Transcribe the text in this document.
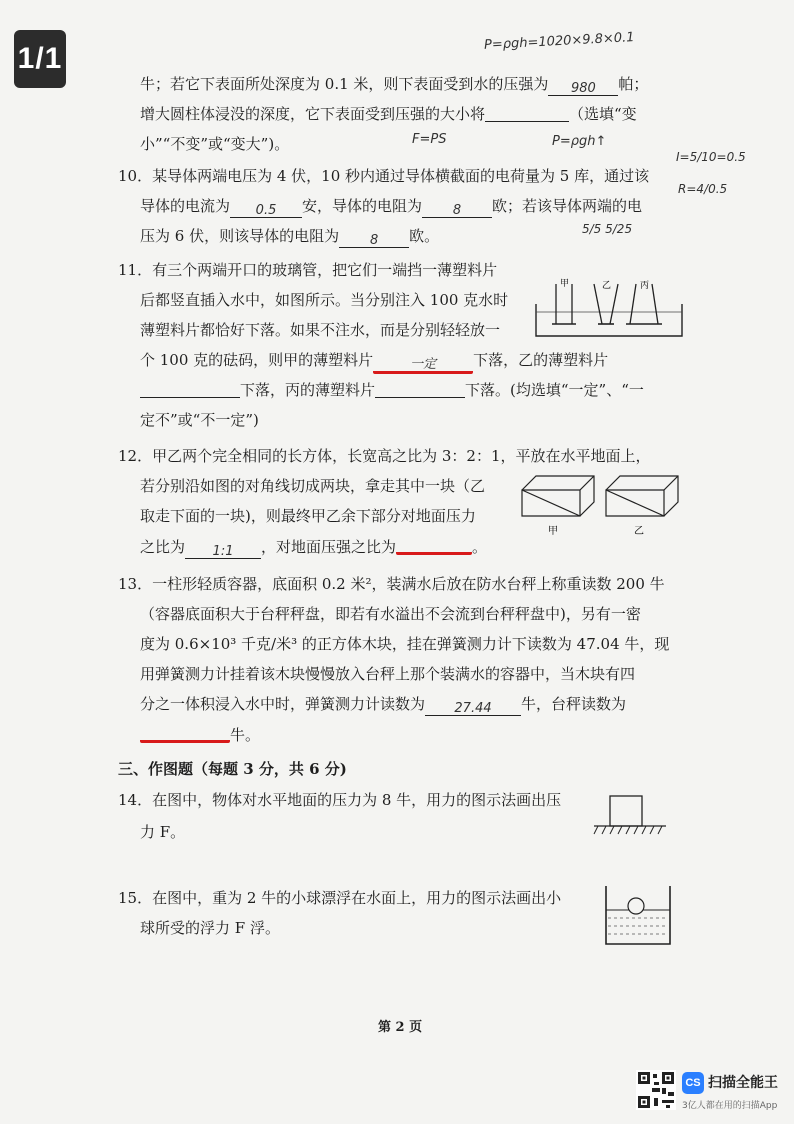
1/1
P=ρgh=1020×9.8×0.1
牛；若它下表面所处深度为 0.1 米，则下表面受到水的压强为 980 帕；
增大圆柱体浸没的深度，它下表面受到压强的大小将	（选填“变
小”“不变”或“变大”)。	F=PS	P=ρgh↑
10．某导体两端电压为 4 伏，10 秒内通过导体横截面的电荷量为 5 库，通过该
导体的电流为 0.5 安，导体的电阻为 8 欧；若该导体两端的电
压为 6 伏，则该导体的电阻为 8 欧。
I=5/10=0.5
R=4/0.5
5/5 5/25
11．有三个两端开口的玻璃管，把它们一端挡一薄塑料片
后都竖直插入水中，如图所示。当分别注入 100 克水时
薄塑料片都恰好下落。如果不注水，而是分别轻轻放一
个 100 克的砝码，则甲的薄塑料片	一定 下落，乙的薄塑料片
下落，丙的薄塑料片	下落。(均选填“一定”、“一
定不”或“不一定”)
甲	乙	丙
12．甲乙两个完全相同的长方体，长宽高之比为 3：2：1，平放在水平地面上，
若分别沿如图的对角线切成两块，拿走其中一块（乙
取走下面的一块)，则最终甲乙余下部分对地面压力
之比为 1:1 ，对地面压强之比为	。
甲	乙
13．一柱形轻质容器，底面积 0.2 米²，装满水后放在防水台秤上称重读数 200 牛
（容器底面积大于台秤秤盘，即若有水溢出不会流到台秤秤盘中)，另有一密
度为 0.6×10³ 千克/米³ 的正方体木块，挂在弹簧测力计下读数为 47.04 牛，现
用弹簧测力计挂着该木块慢慢放入台秤上那个装满水的容器中，当木块有四
分之一体积浸入水中时，弹簧测力计读数为 27.44 牛，台秤读数为
牛。
三、作图题（每题 3 分，共 6 分)
14．在图中，物体对水平地面的压力为 8 牛，用力的图示法画出压
力 F。
15．在图中，重为 2 牛的小球漂浮在水面上，用力的图示法画出小
球所受的浮力 F 浮。
第 2 页
CS 扫描全能王
3亿人都在用的扫描App
